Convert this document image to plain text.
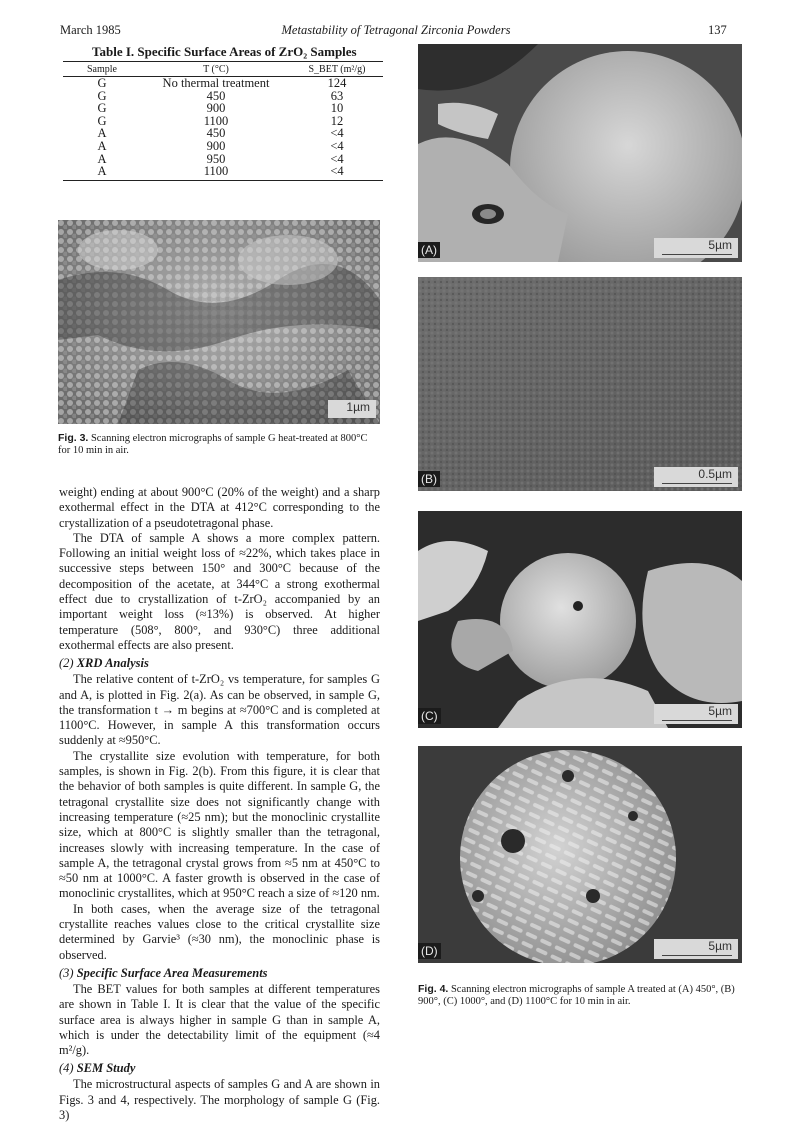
March 1985	Metastability of Tetragonal Zirconia Powders	137
Table I. Specific Surface Areas of ZrO₂ Samples
Sample	T (°C)	S_BET (m²/g)
G	No thermal treatment	124
G	450	63
G	900	10
G	1100	12
A	450	<4
A	900	<4
A	950	<4
A	1100	<4
1µm
Fig. 3. Scanning electron micrographs of sample G heat-treated at 800°C for 10 min in air.
(A)	5µm
(B)	0.5µm
(C)	5µm
(D)	5µm
Fig. 4. Scanning electron micrographs of sample A treated at (A) 450°, (B) 900°, (C) 1000°, and (D) 1100°C for 10 min in air.

weight) ending at about 900°C (20% of the weight) and a sharp exothermal effect in the DTA at 412°C corresponding to the crystallization of a pseudotetragonal phase.

The DTA of sample A shows a more complex pattern. Following an initial weight loss of ≈22%, which takes place in successive steps between 150° and 300°C because of the decomposition of the acetate, at 344°C a strong exothermal effect due to crystallization of t-ZrO₂ accompanied by an important weight loss (≈13%) is observed. At higher temperature (508°, 800°, and 930°C) three additional exothermal effects are also present.

(2) XRD Analysis

The relative content of t-ZrO₂ vs temperature, for samples G and A, is plotted in Fig. 2(a). As can be observed, in sample G, the transformation t → m begins at ≈700°C and is completed at 1100°C. However, in sample A this transformation occurs suddenly at ≈950°C.

The crystallite size evolution with temperature, for both samples, is shown in Fig. 2(b). From this figure, it is clear that the behavior of both samples is quite different. In sample G, the tetragonal crystallite size does not significantly change with increasing temperature (≈25 nm); but the monoclinic crystallite size, which at 800°C is slightly smaller than the tetragonal, increases slowly with increasing temperature. In the case of sample A, the tetragonal crystal grows from ≈5 nm at 450°C to ≈50 nm at 1000°C. A faster growth is observed in the case of monoclinic crystallites, which at 950°C reach a size of ≈120 nm.

In both cases, when the average size of the tetragonal crystallite reaches values close to the critical crystallite size determined by Garvie³ (≈30 nm), the monoclinic phase is observed.

(3) Specific Surface Area Measurements

The BET values for both samples at different temperatures are shown in Table I. It is clear that the value of the specific surface area is always higher in sample G than in sample A, which is under the detectability limit of the equipment (≈4 m²/g).

(4) SEM Study

The microstructural aspects of samples G and A are shown in Figs. 3 and 4, respectively. The morphology of sample G (Fig. 3)
